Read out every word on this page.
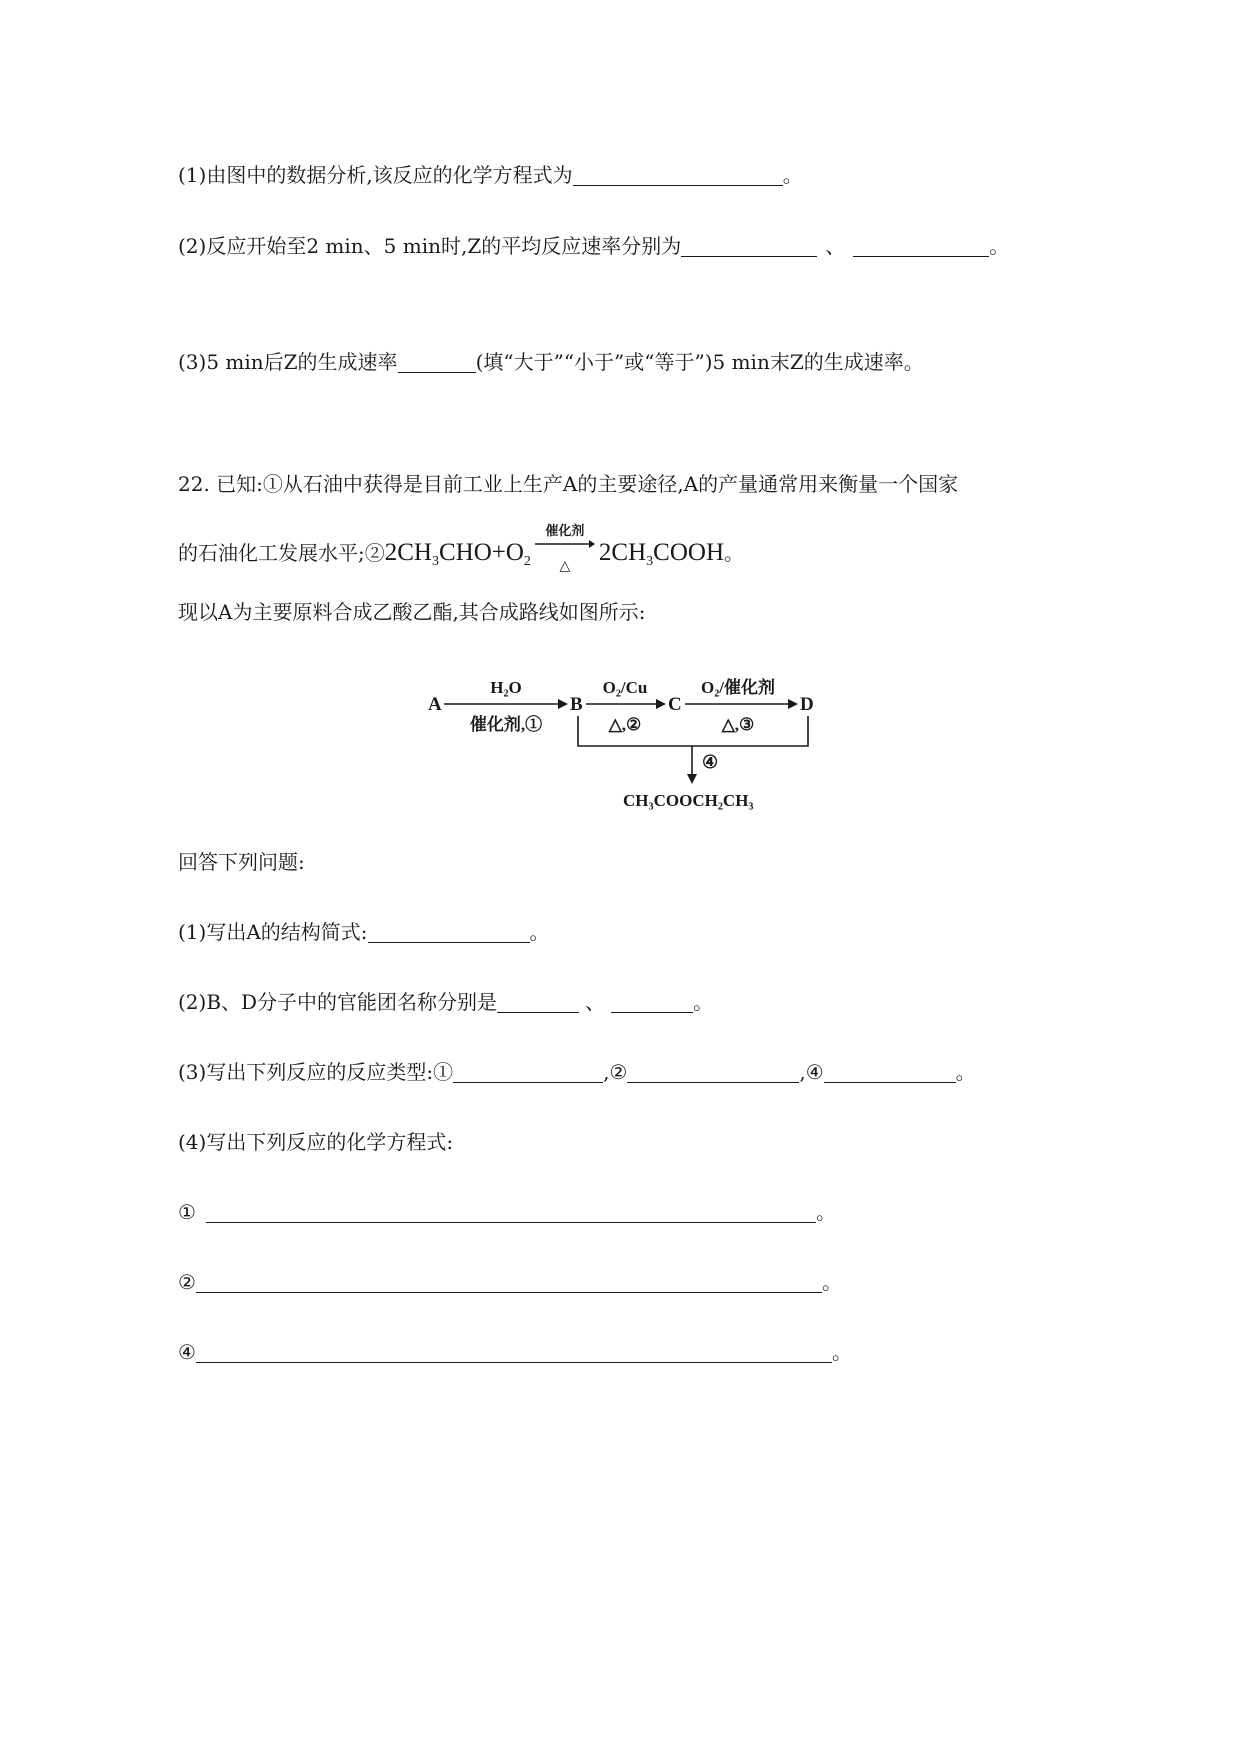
(1)由图中的数据分析,该反应的化学方程式为	。
(2)反应开始至2 min、5 min时,Z的平均反应速率分别为	、	。
(3)5 min后Z的生成速率	(填“大于”“小于”或“等于”)5 min末Z的生成速率。
22. 已知:①从石油中获得是目前工业上生产A的主要途径,A的产量通常用来衡量一个国家
的石油化工发展水平$;②2CH_3CHO+O_2$
催化剂
△	$2CH_3COOH$。
现以A为主要原料合成乙酸乙酯,其合成路线如图所示:
A
H₂O
催化剂,①
B
O₂/Cu
△,②
C
O₂/催化剂
△,③
D
④
CH₃COOCH₂CH₃
回答下列问题:
(1)写出A的结构简式:	。
(2)B、D分子中的官能团名称分别是	、	。
(3)写出下列反应的反应类型:①	,②	,④	。
(4)写出下列反应的化学方程式:
①	。
②	。
④	。
